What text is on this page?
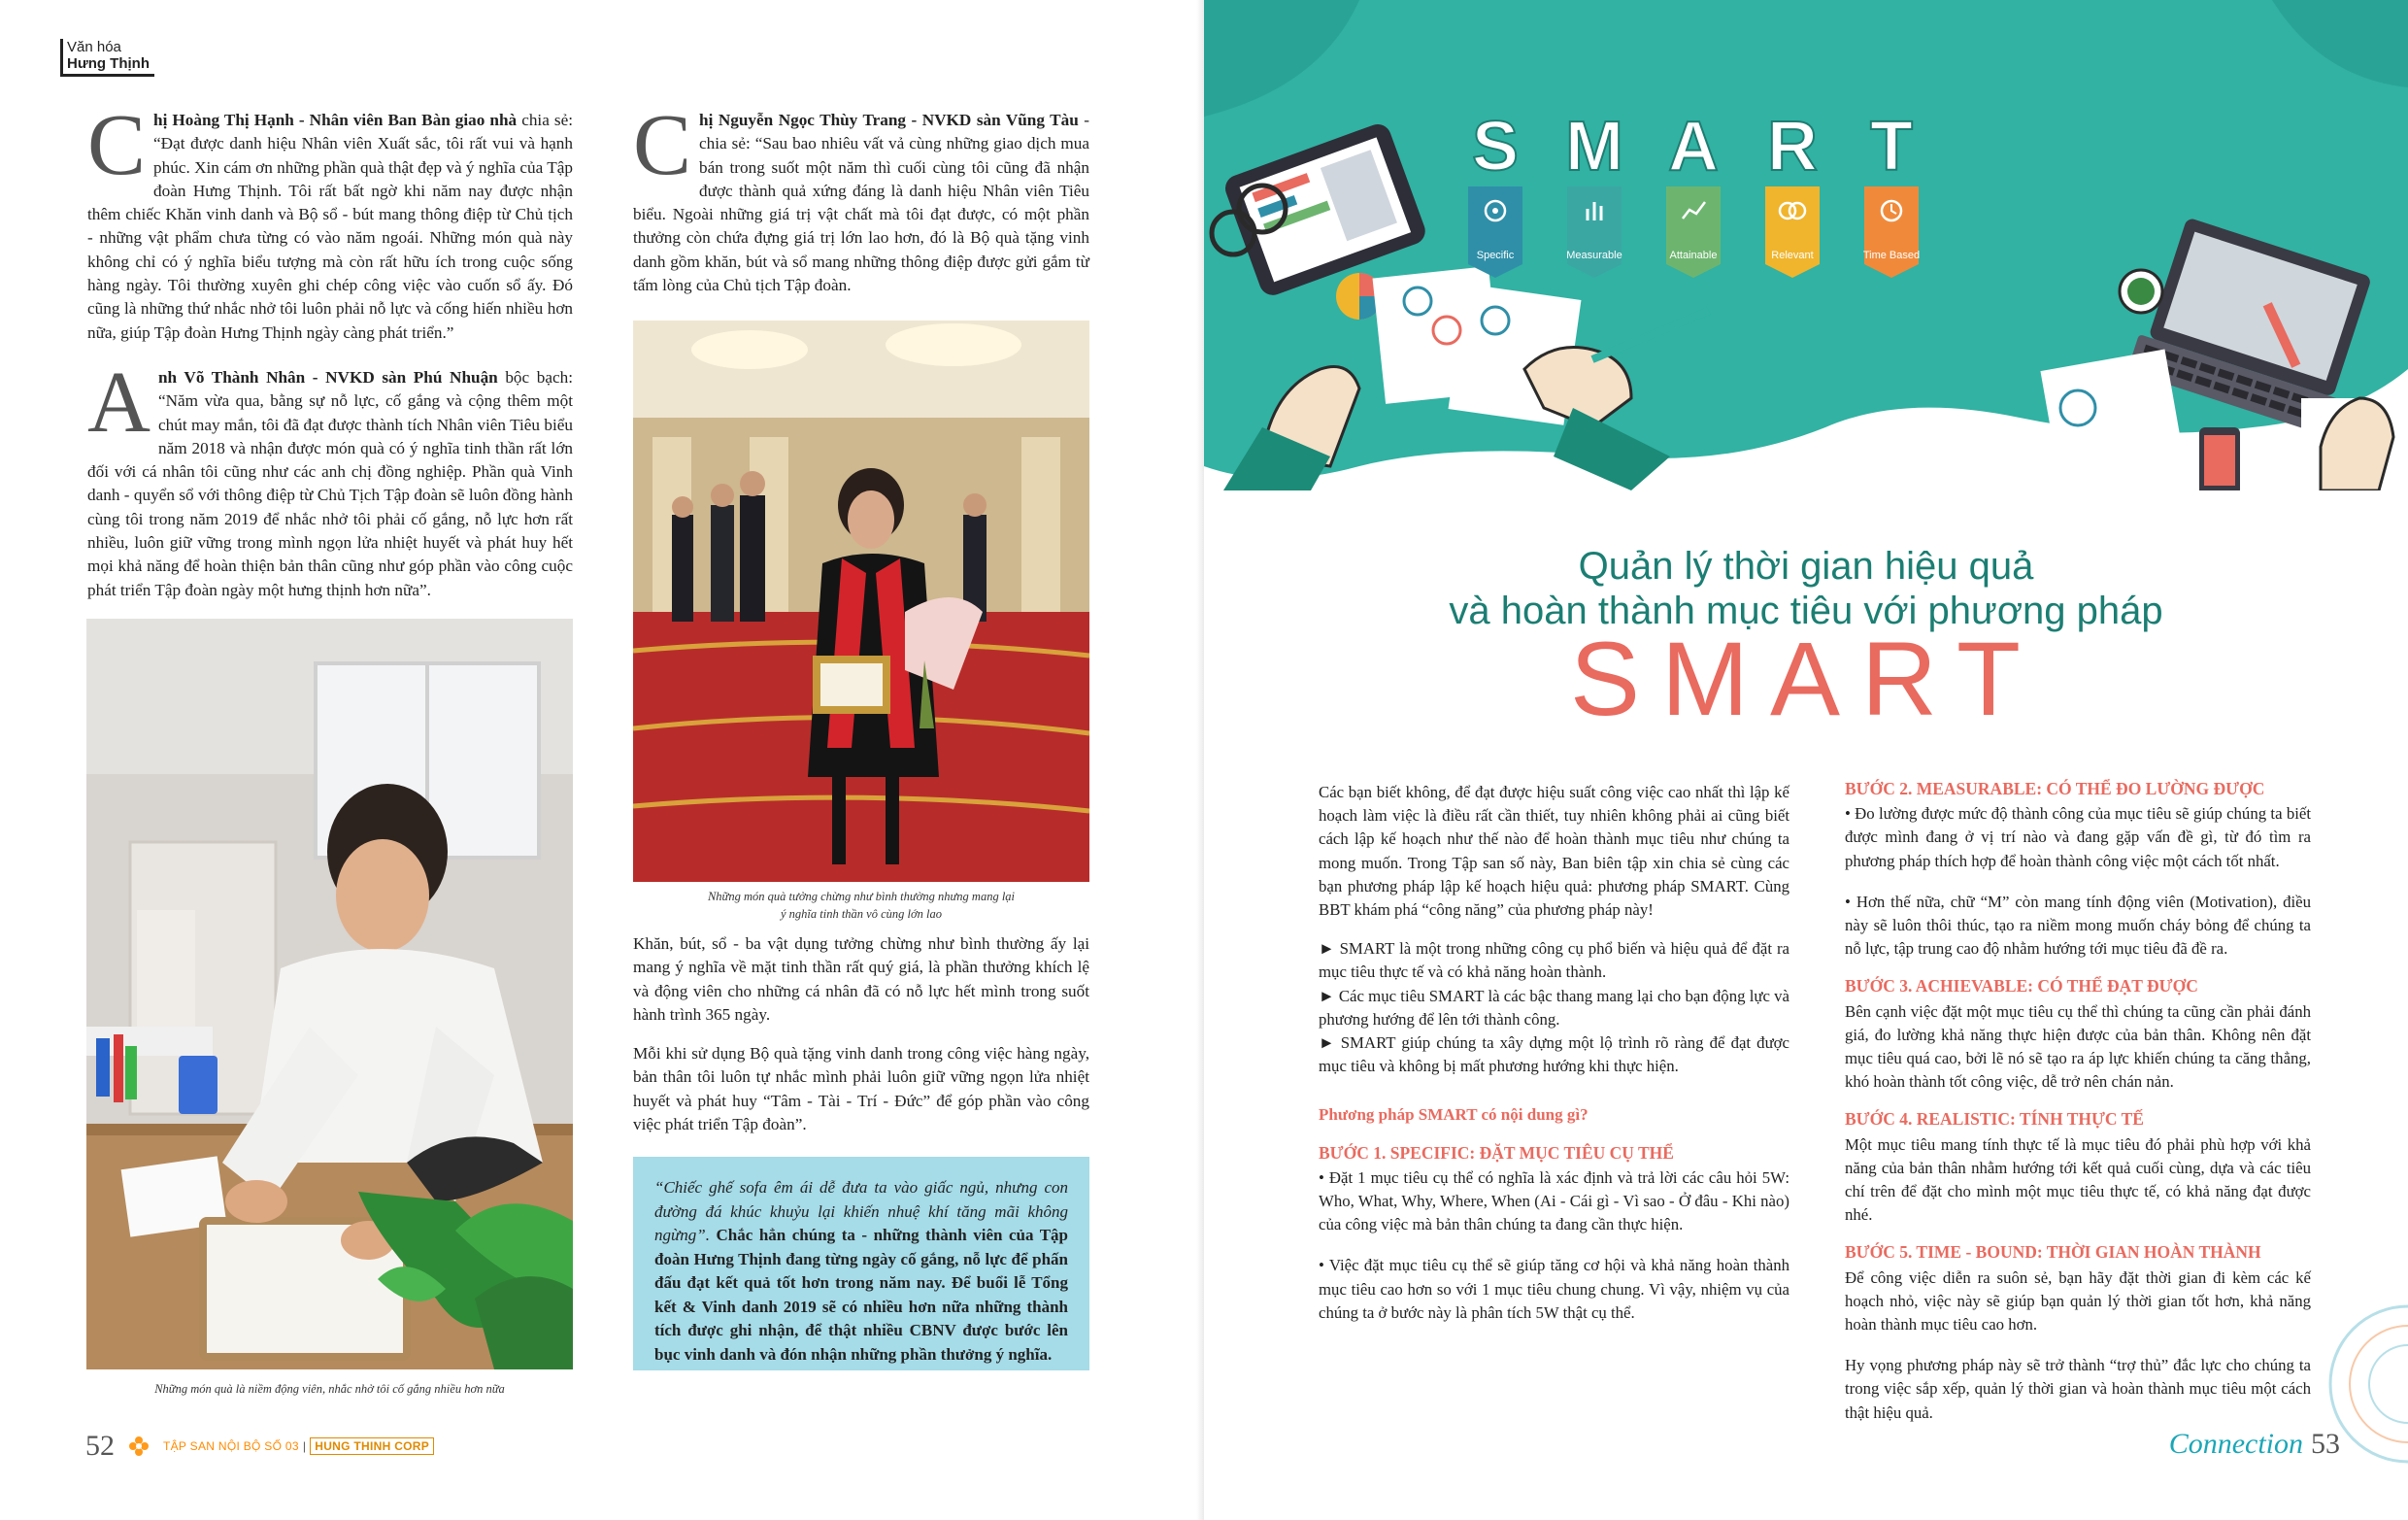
Văn hóa
Hưng Thịnh

Chị Hoàng Thị Hạnh - Nhân viên Ban Bàn giao nhà chia sẻ: “Đạt được danh hiệu Nhân viên Xuất sắc, tôi rất vui và hạnh phúc. Xin cám ơn những phần quà thật đẹp và ý nghĩa của Tập đoàn Hưng Thịnh. Tôi rất bất ngờ khi năm nay được nhận thêm chiếc Khăn vinh danh và Bộ sổ - bút mang thông điệp từ Chủ tịch - những vật phẩm chưa từng có vào năm ngoái. Những món quà này không chỉ có ý nghĩa biểu tượng mà còn rất hữu ích trong cuộc sống hàng ngày. Tôi thường xuyên ghi chép công việc vào cuốn sổ ấy. Đó cũng là những thứ nhắc nhở tôi luôn phải nỗ lực và cống hiến nhiều hơn nữa, giúp Tập đoàn Hưng Thịnh ngày càng phát triển.”

Anh Võ Thành Nhân - NVKD sàn Phú Nhuận bộc bạch: “Năm vừa qua, bằng sự nỗ lực, cố gắng và cộng thêm một chút may mắn, tôi đã đạt được thành tích Nhân viên Tiêu biểu năm 2018 và nhận được món quà có ý nghĩa tinh thần rất lớn đối với cá nhân tôi cũng như các anh chị đồng nghiệp. Phần quà Vinh danh - quyển sổ với thông điệp từ Chủ Tịch Tập đoàn sẽ luôn đồng hành cùng tôi trong năm 2019 để nhắc nhở tôi phải cố gắng, nỗ lực hơn rất nhiều, luôn giữ vững trong mình ngọn lửa nhiệt huyết và phát huy hết mọi khả năng để hoàn thiện bản thân cũng như góp phần vào công cuộc phát triển Tập đoàn ngày một hưng thịnh hơn nữa”.

Những món quà là niềm động viên, nhắc nhở tôi cố gắng nhiều hơn nữa

Chị Nguyễn Ngọc Thùy Trang - NVKD sàn Vũng Tàu - chia sẻ: “Sau bao nhiêu vất vả cùng những giao dịch mua bán trong suốt một năm thì cuối cùng tôi cũng đã nhận được thành quả xứng đáng là danh hiệu Nhân viên Tiêu biểu. Ngoài những giá trị vật chất mà tôi đạt được, có một phần thưởng còn chứa đựng giá trị lớn lao hơn, đó là Bộ quà tặng vinh danh gồm khăn, bút và sổ mang những thông điệp được gửi gắm từ tấm lòng của Chủ tịch Tập đoàn.

Những món quà tưởng chừng như bình thường nhưng mang lại
ý nghĩa tinh thần vô cùng lớn lao

Khăn, bút, sổ - ba vật dụng tưởng chừng như bình thường ấy lại mang ý nghĩa về mặt tinh thần rất quý giá, là phần thưởng khích lệ và động viên cho những cá nhân đã có nỗ lực hết mình trong suốt hành trình 365 ngày.

Mỗi khi sử dụng Bộ quà tặng vinh danh trong công việc hàng ngày, bản thân tôi luôn tự nhắc mình phải luôn giữ vững ngọn lửa nhiệt huyết và phát huy “Tâm - Tài - Trí - Đức” để góp phần vào công việc phát triển Tập đoàn”.

“Chiếc ghế sofa êm ái dễ đưa ta vào giấc ngủ, nhưng con đường đá khúc khuỷu lại khiến nhuệ khí tăng mãi không ngừng”. Chắc hẳn chúng ta - những thành viên của Tập đoàn Hưng Thịnh đang từng ngày cố gắng, nỗ lực để phấn đấu đạt kết quả tốt hơn trong năm nay. Để buổi lễ Tổng kết & Vinh danh 2019 sẽ có nhiều hơn nữa những thành tích được ghi nhận, để thật nhiều CBNV được bước lên bục vinh danh và đón nhận những phần thưởng ý nghĩa.
52	TẬP SAN NỘI BỘ SỐ 03 | HUNG THINH CORP
S M A R T
Specific	Measurable	Attainable	Relevant	Time Based
Quản lý thời gian hiệu quả
và hoàn thành mục tiêu với phương pháp
SMART

Các bạn biết không, để đạt được hiệu suất công việc cao nhất thì lập kế hoạch làm việc là điều rất cần thiết, tuy nhiên không phải ai cũng biết cách lập kế hoạch như thế nào để hoàn thành mục tiêu như chúng ta mong muốn. Trong Tập san số này, Ban biên tập xin chia sẻ cùng các bạn phương pháp lập kế hoạch hiệu quả: phương pháp SMART. Cùng BBT khám phá “công năng” của phương pháp này!

► SMART là một trong những công cụ phổ biến và hiệu quả để đặt ra mục tiêu thực tế và có khả năng hoàn thành.
► Các mục tiêu SMART là các bậc thang mang lại cho bạn động lực và phương hướng để lên tới thành công.
► SMART giúp chúng ta xây dựng một lộ trình rõ ràng để đạt được mục tiêu và không bị mất phương hướng khi thực hiện.
Phương pháp SMART có nội dung gì?
BƯỚC 1. SPECIFIC: ĐẶT MỤC TIÊU CỤ THỂ

• Đặt 1 mục tiêu cụ thể có nghĩa là xác định và trả lời các câu hỏi 5W: Who, What, Why, Where, When (Ai - Cái gì - Vì sao - Ở đâu - Khi nào) của công việc mà bản thân chúng ta đang cần thực hiện.

• Việc đặt mục tiêu cụ thể sẽ giúp tăng cơ hội và khả năng hoàn thành mục tiêu cao hơn so với 1 mục tiêu chung chung. Vì vậy, nhiệm vụ của chúng ta ở bước này là phân tích 5W thật cụ thể.

BƯỚC 2. MEASURABLE: CÓ THỂ ĐO LƯỜNG ĐƯỢC

• Đo lường được mức độ thành công của mục tiêu sẽ giúp chúng ta biết được mình đang ở vị trí nào và đang gặp vấn đề gì, từ đó tìm ra phương pháp thích hợp để hoàn thành công việc một cách tốt nhất.

• Hơn thế nữa, chữ “M” còn mang tính động viên (Motivation), điều này sẽ luôn thôi thúc, tạo ra niềm mong muốn cháy bỏng để chúng ta nỗ lực, tập trung cao độ nhằm hướng tới mục tiêu đã đề ra.

BƯỚC 3. ACHIEVABLE: CÓ THỂ ĐẠT ĐƯỢC

Bên cạnh việc đặt một mục tiêu cụ thể thì chúng ta cũng cần phải đánh giá, đo lường khả năng thực hiện được của bản thân. Không nên đặt mục tiêu quá cao, bởi lẽ nó sẽ tạo ra áp lực khiến chúng ta căng thẳng, khó hoàn thành tốt công việc, dễ trở nên chán nản.

BƯỚC 4. REALISTIC: TÍNH THỰC TẾ

Một mục tiêu mang tính thực tế là mục tiêu đó phải phù hợp với khả năng của bản thân nhằm hướng tới kết quả cuối cùng, dựa và các tiêu chí trên để đặt cho mình một mục tiêu thực tế, có khả năng đạt được nhé.

BƯỚC 5. TIME - BOUND: THỜI GIAN HOÀN THÀNH

Để công việc diễn ra suôn sẻ, bạn hãy đặt thời gian đi kèm các kế hoạch nhỏ, việc này sẽ giúp bạn quản lý thời gian tốt hơn, khả năng hoàn thành mục tiêu cao hơn.

Hy vọng phương pháp này sẽ trở thành “trợ thủ” đắc lực cho chúng ta trong việc sắp xếp, quản lý thời gian và hoàn thành mục tiêu một cách thật hiệu quả.

Connection 53
